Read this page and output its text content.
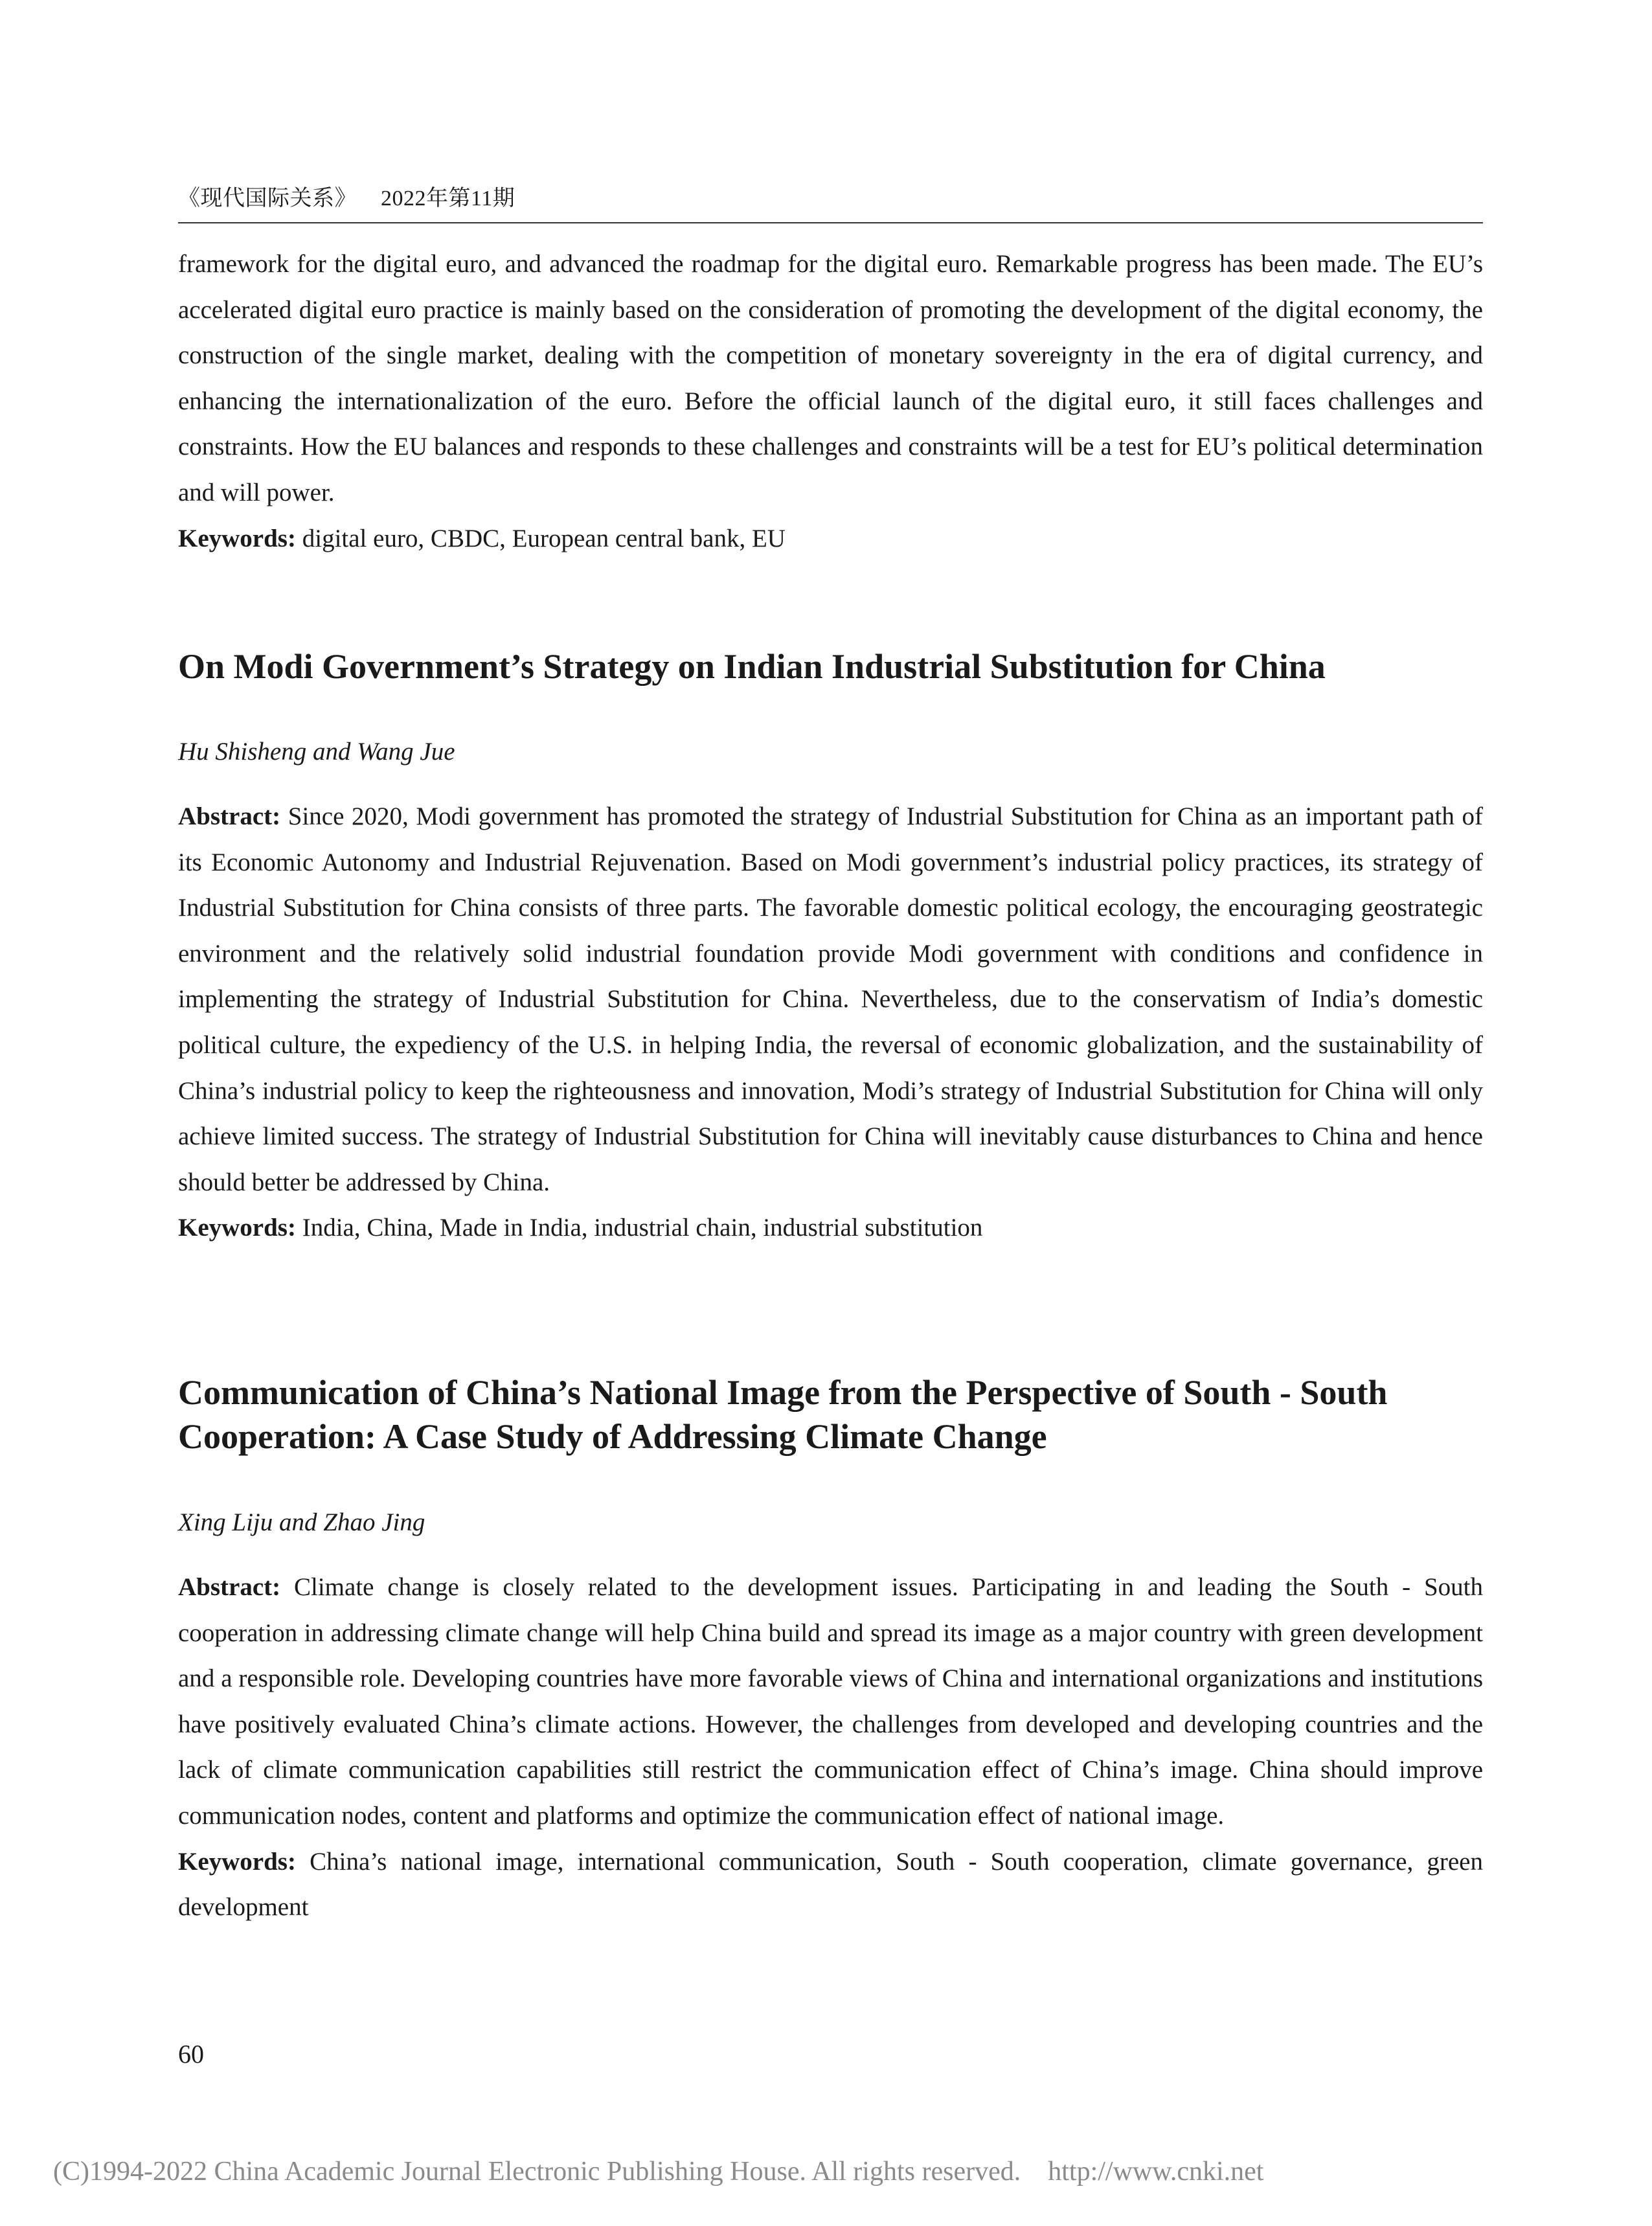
《现代国际关系》 2022年第11期

framework for the digital euro, and advanced the roadmap for the digital euro. Remarkable progress has been made. The EU’s accelerated digital euro practice is mainly based on the consideration of promoting the development of the digital economy, the construction of the single market, dealing with the competition of monetary sovereignty in the era of digital currency, and enhancing the internationalization of the euro. Before the official launch of the digital euro, it still faces challenges and constraints. How the EU balances and responds to these challenges and constraints will be a test for EU’s political determination and will power.

Keywords: digital euro, CBDC, European central bank, EU

On Modi Government’s Strategy on Indian Industrial Substitution for China

Hu Shisheng and Wang Jue

Abstract: Since 2020, Modi government has promoted the strategy of Industrial Substitution for China as an important path of its Economic Autonomy and Industrial Rejuvenation. Based on Modi government’s industrial policy practices, its strategy of Industrial Substitution for China consists of three parts. The favorable domestic political ecology, the encouraging geostrategic environment and the relatively solid industrial foundation provide Modi government with conditions and confidence in implementing the strategy of Industrial Substitution for China. Nevertheless, due to the conservatism of India’s domestic political culture, the expediency of the U.S. in helping India, the reversal of economic globalization, and the sustainability of China’s industrial policy to keep the righteousness and innovation, Modi’s strategy of Industrial Substitution for China will only achieve limited success. The strategy of Industrial Substitution for China will inevitably cause disturbances to China and hence should better be addressed by China.

Keywords: India, China, Made in India, industrial chain, industrial substitution

Communication of China’s National Image from the Perspective of South - South Cooperation: A Case Study of Addressing Climate Change

Xing Liju and Zhao Jing

Abstract: Climate change is closely related to the development issues. Participating in and leading the South - South cooperation in addressing climate change will help China build and spread its image as a major country with green development and a responsible role. Developing countries have more favorable views of China and international organizations and institutions have positively evaluated China’s climate actions. However, the challenges from developed and developing countries and the lack of climate communication capabilities still restrict the communication effect of China’s image. China should improve communication nodes, content and platforms and optimize the communication effect of national image.

Keywords: China’s national image, international communication, South - South cooperation, climate governance, green development

60
(C)1994-2022 China Academic Journal Electronic Publishing House. All rights reserved. http://www.cnki.net
